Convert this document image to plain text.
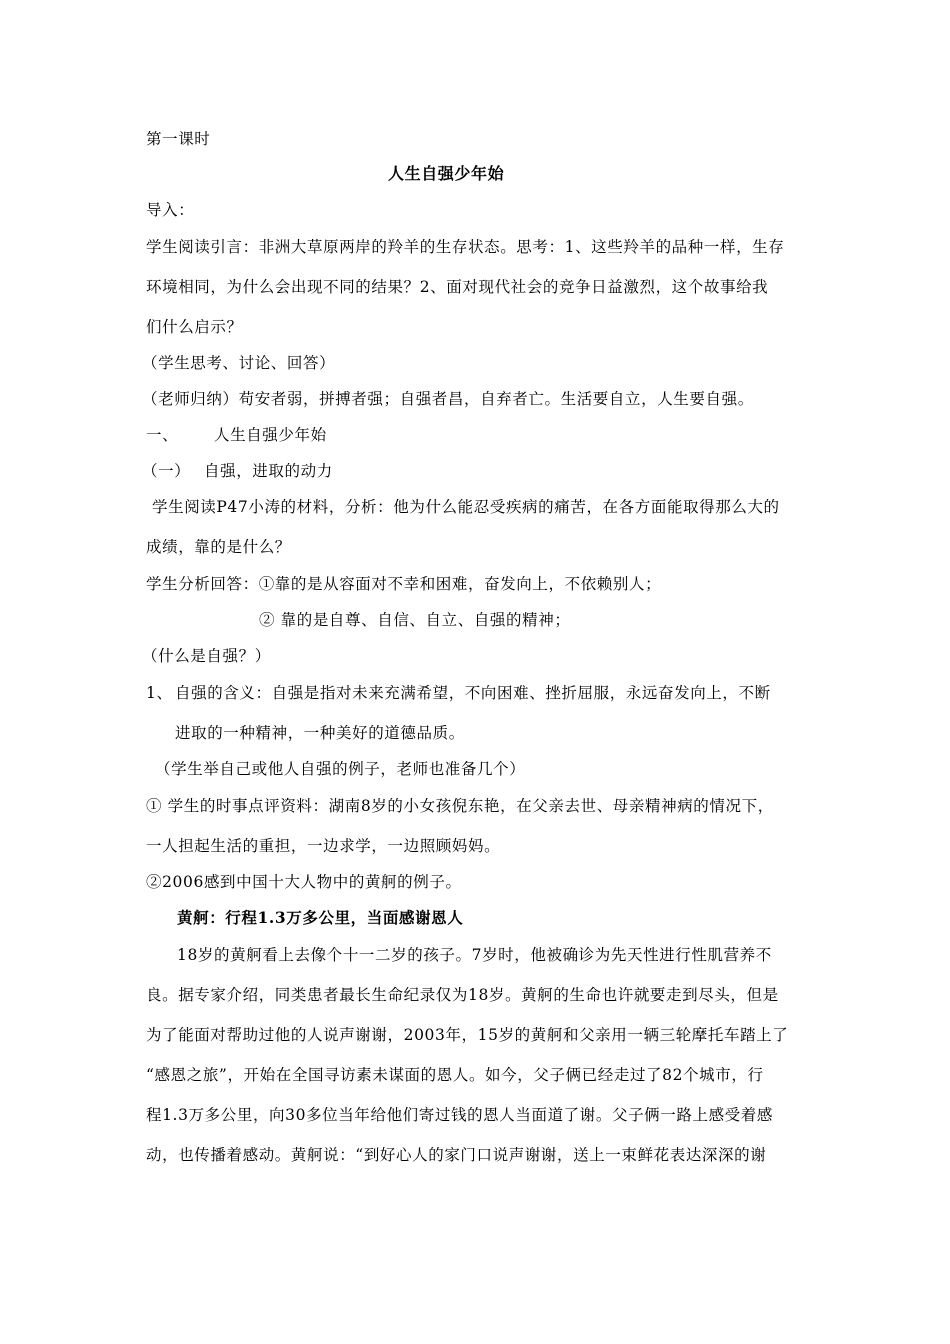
第一课时
人生自强少年始
导入：
学生阅读引言：非洲大草原两岸的羚羊的生存状态。思考：1、这些羚羊的品种一样，生存
环境相同，为什么会出现不同的结果？2、面对现代社会的竞争日益激烈，这个故事给我
们什么启示？
（学生思考、讨论、回答）
（老师归纳）苟安者弱，拼搏者强；自强者昌，自弃者亡。生活要自立，人生要自强。
一、 人生自强少年始
（一） 自强，进取的动力
学生阅读P47小涛的材料，分析：他为什么能忍受疾病的痛苦，在各方面能取得那么大的
成绩，靠的是什么？
学生分析回答：①靠的是从容面对不幸和困难，奋发向上，不依赖别人；
② 靠的是自尊、自信、自立、自强的精神；
（什么是自强？）
1、 自强的含义：自强是指对未来充满希望，不向困难、挫折屈服，永远奋发向上，不断
进取的一种精神，一种美好的道德品质。
（学生举自己或他人自强的例子，老师也准备几个）
① 学生的时事点评资料：湖南8岁的小女孩倪东艳，在父亲去世、母亲精神病的情况下，
一人担起生活的重担，一边求学，一边照顾妈妈。
②2006感到中国十大人物中的黄舸的例子。
黄舸：行程1.3万多公里，当面感谢恩人
18岁的黄舸看上去像个十一二岁的孩子。7岁时，他被确诊为先天性进行性肌营养不
良。据专家介绍，同类患者最长生命纪录仅为18岁。黄舸的生命也许就要走到尽头，但是
为了能面对帮助过他的人说声谢谢，2003年，15岁的黄舸和父亲用一辆三轮摩托车踏上了
“感恩之旅”，开始在全国寻访素未谋面的恩人。如今，父子俩已经走过了82个城市，行
程1.3万多公里，向30多位当年给他们寄过钱的恩人当面道了谢。父子俩一路上感受着感
动，也传播着感动。黄舸说：“到好心人的家门口说声谢谢，送上一束鲜花表达深深的谢
